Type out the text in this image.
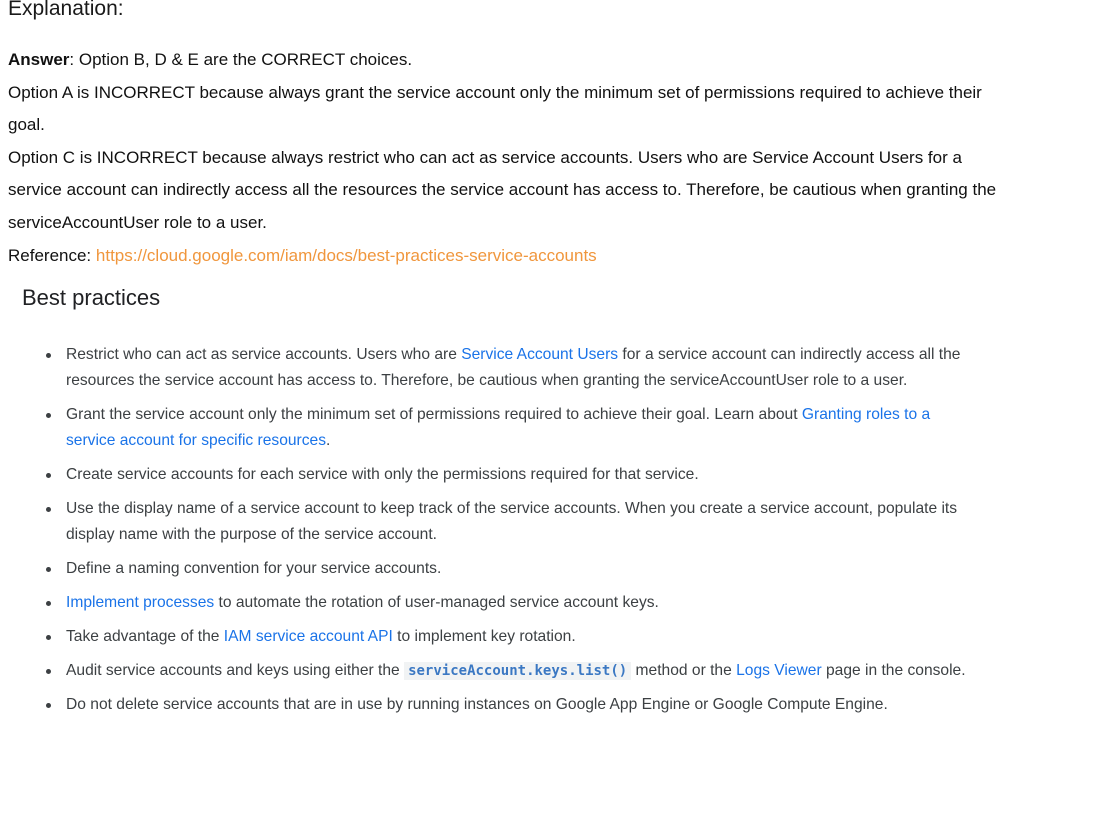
Explanation:

Answer: Option B, D & E are the CORRECT choices.

Option A is INCORRECT because always grant the service account only the minimum set of permissions required to achieve their goal.

Option C is INCORRECT because always restrict who can act as service accounts. Users who are Service Account Users for a service account can indirectly access all the resources the service account has access to. Therefore, be cautious when granting the serviceAccountUser role to a user.

Reference: https://cloud.google.com/iam/docs/best-practices-service-accounts

Best practices
Restrict who can act as service accounts. Users who are Service Account Users for a service account can indirectly access all the resources the service account has access to. Therefore, be cautious when granting the serviceAccountUser role to a user.
Grant the service account only the minimum set of permissions required to achieve their goal. Learn about Granting roles to a service account for specific resources.
Create service accounts for each service with only the permissions required for that service.
Use the display name of a service account to keep track of the service accounts. When you create a service account, populate its display name with the purpose of the service account.
Define a naming convention for your service accounts.
Implement processes to automate the rotation of user-managed service account keys.
Take advantage of the IAM service account API to implement key rotation.
Audit service accounts and keys using either the serviceAccount.keys.list() method or the Logs Viewer page in the console.
Do not delete service accounts that are in use by running instances on Google App Engine or Google Compute Engine.
